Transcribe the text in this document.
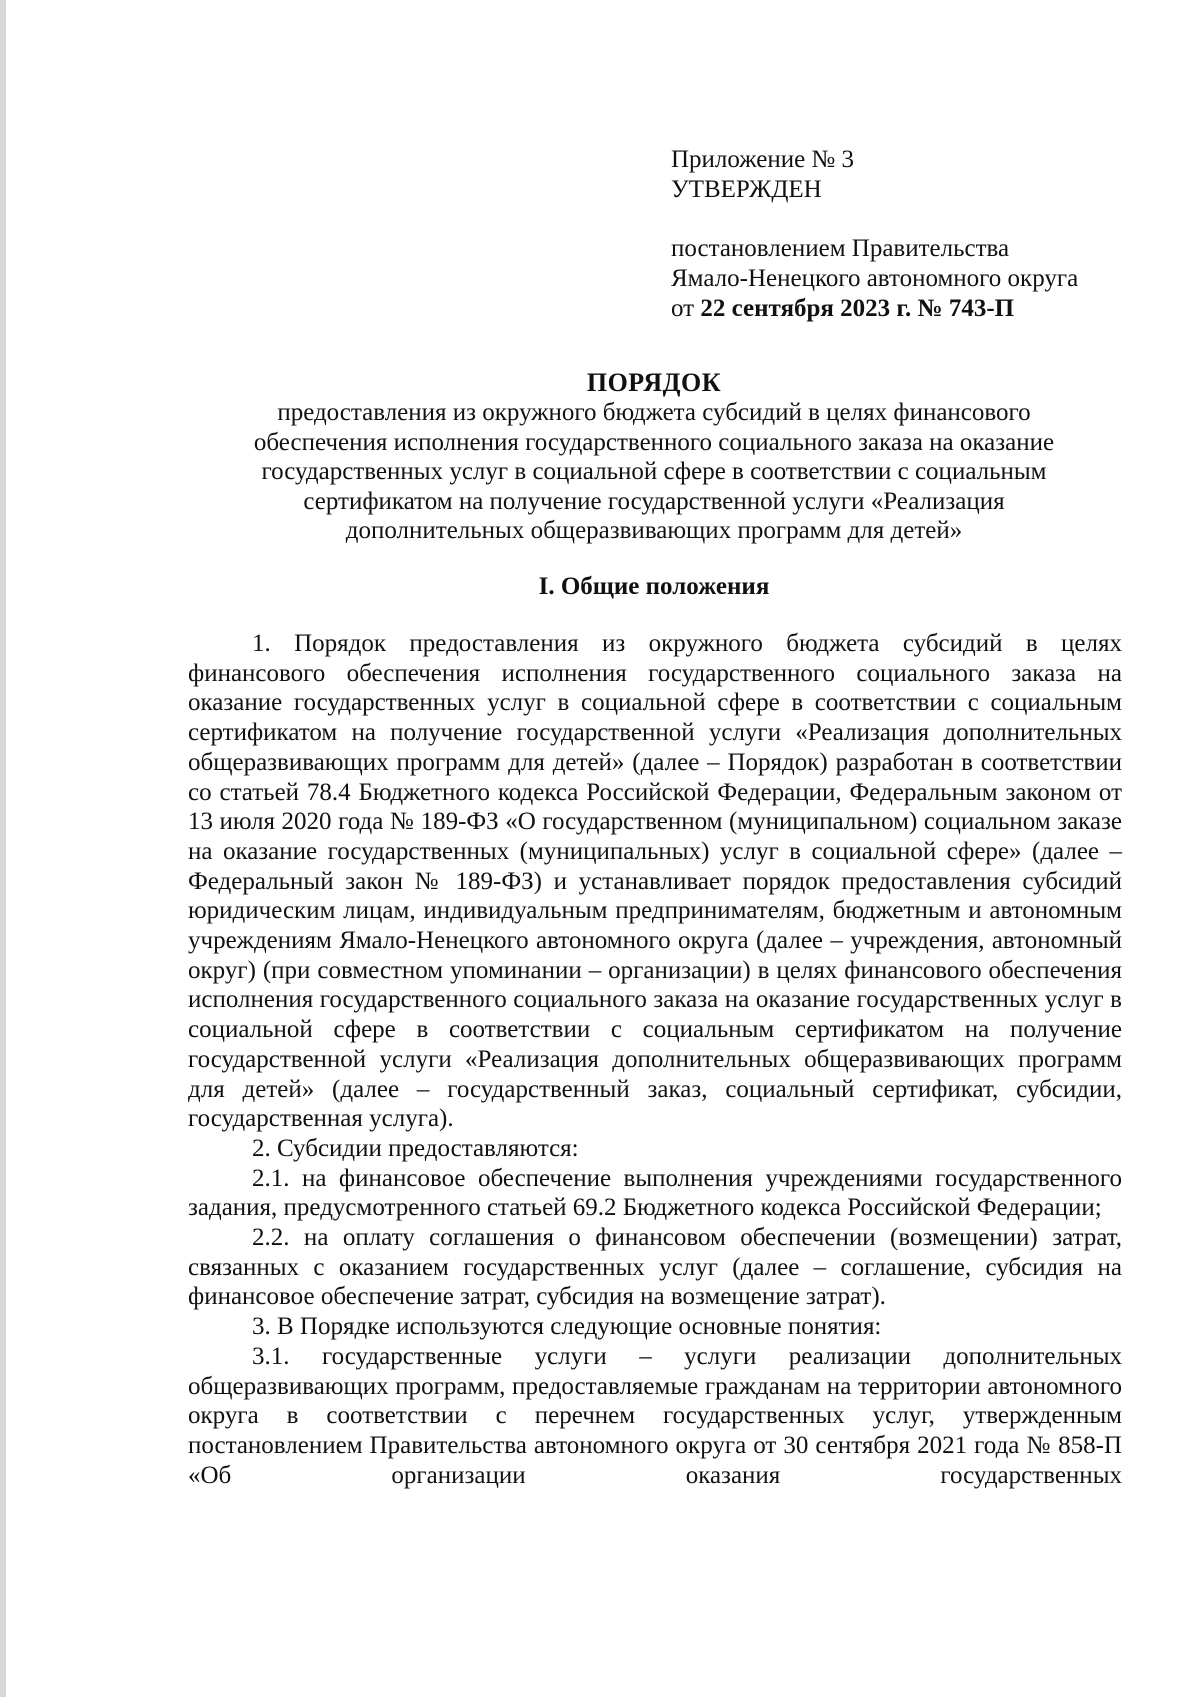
Приложение № 3
УТВЕРЖДЕН
постановлением Правительства
Ямало-Ненецкого автономного округа
от 22 сентября 2023 г. № 743-П
ПОРЯДОК
предоставления из окружного бюджета субсидий в целях финансового
обеспечения исполнения государственного социального заказа на оказание
государственных услуг в социальной сфере в соответствии с социальным
сертификатом на получение государственной услуги «Реализация
дополнительных общеразвивающих программ для детей»
I. Общие положения

1. Порядок предоставления из окружного бюджета субсидий в целях финансового обеспечения исполнения государственного социального заказа на оказание государственных услуг в социальной сфере в соответствии с социальным сертификатом на получение государственной услуги «Реализация дополнительных общеразвивающих программ для детей» (далее – Порядок) разработан в соответствии со статьей 78.4 Бюджетного кодекса Российской Федерации, Федеральным законом от 13 июля 2020 года № 189-ФЗ «О государственном (муниципальном) социальном заказе на оказание государственных (муниципальных) услуг в социальной сфере» (далее – Федеральный закон № 189-ФЗ) и устанавливает порядок предоставления субсидий юридическим лицам, индивидуальным предпринимателям, бюджетным и автономным учреждениям Ямало-Ненецкого автономного округа (далее – учреждения, автономный округ) (при совместном упоминании – организации) в целях финансового обеспечения исполнения государственного социального заказа на оказание государственных услуг в социальной сфере в соответствии с социальным сертификатом на получение государственной услуги «Реализация дополнительных общеразвивающих программ для детей» (далее – государственный заказ, социальный сертификат, субсидии, государственная услуга).

2. Субсидии предоставляются:

2.1. на финансовое обеспечение выполнения учреждениями государственного задания, предусмотренного статьей 69.2 Бюджетного кодекса Российской Федерации;

2.2. на оплату соглашения о финансовом обеспечении (возмещении) затрат, связанных с оказанием государственных услуг (далее – соглашение, субсидия на финансовое обеспечение затрат, субсидия на возмещение затрат).

3. В Порядке используются следующие основные понятия:

3.1. государственные услуги – услуги реализации дополнительных общеразвивающих программ, предоставляемые гражданам на территории автономного округа в соответствии с перечнем государственных услуг, утвержденным постановлением Правительства автономного округа от 30 сентября 2021 года № 858-П «Об организации оказания государственных
